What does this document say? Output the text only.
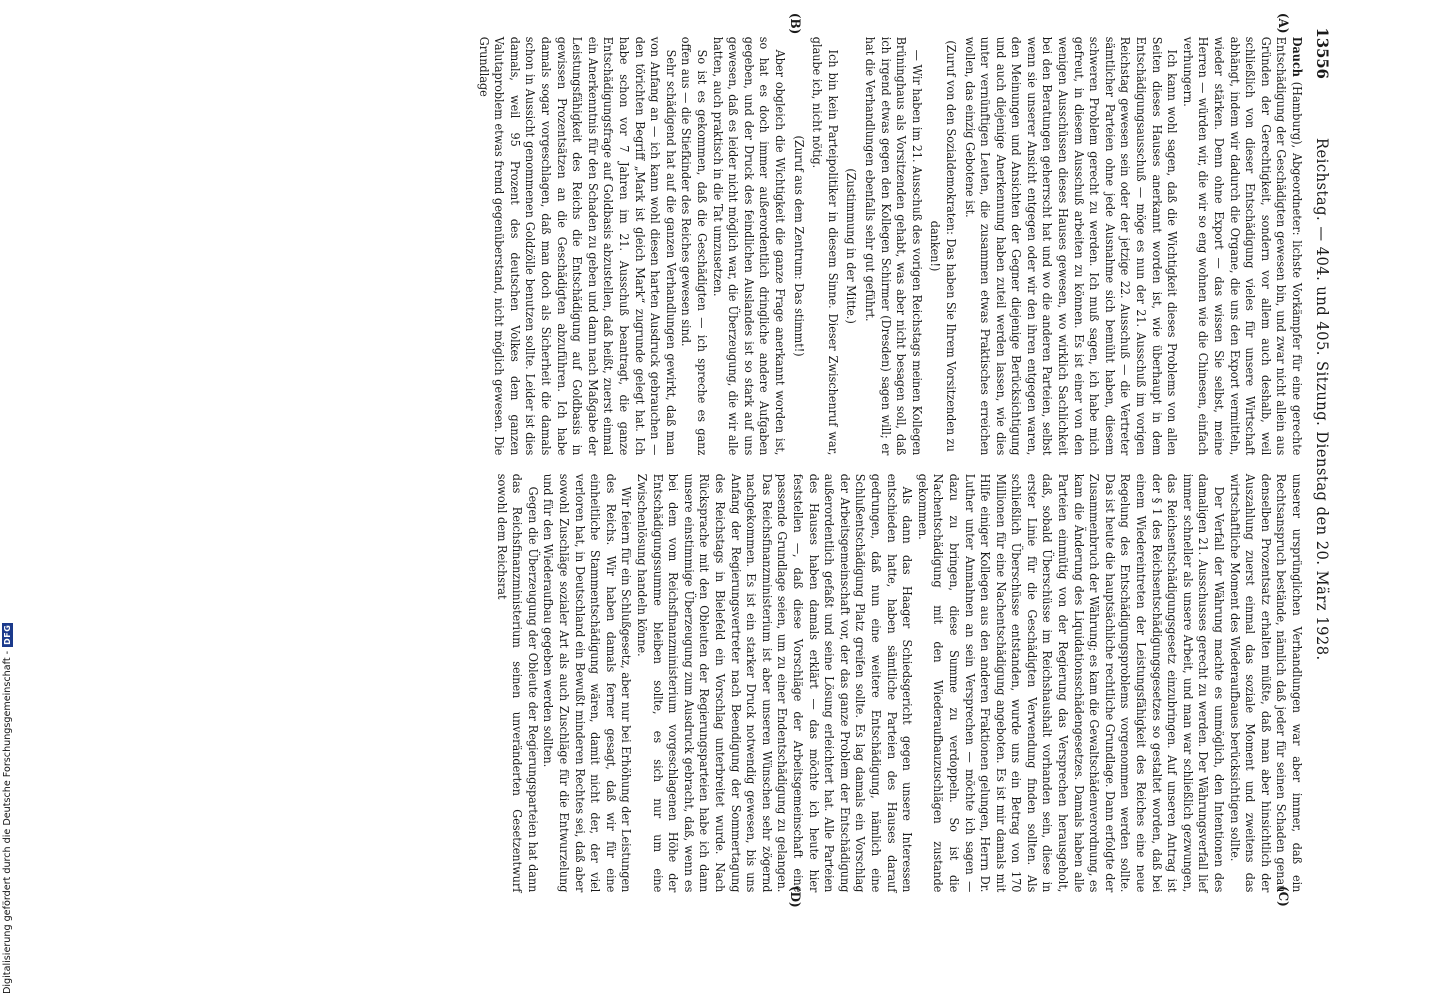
13556
Reichstag. — 404. und 405. Sitzung. Dienstag den 20. März 1928.
(A)
(B)
(C)
(D)

Dauch (Hamburg), Abgeordneter: lichste Vorkämpfer für eine gerechte Entschädigung der Geschädigten gewesen bin, und zwar nicht allein aus Gründen der Gerechtigkeit, sondern vor allem auch deshalb, weil schließlich von dieser Entschädigung vieles für unsere Wirtschaft abhängt, indem wir dadurch die Organe, die uns den Export vermitteln, wieder stärken. Denn ohne Export — das wissen Sie selbst, meine Herren — würden wir, die wir so eng wohnen wie die Chinesen, einfach verhungern.

Ich kann wohl sagen, daß die Wichtigkeit dieses Problems von allen Seiten dieses Hauses anerkannt worden ist, wie überhaupt in dem Entschädigungsausschuß — möge es nun der 21. Ausschuß im vorigen Reichstag gewesen sein oder der jetzige 22. Ausschuß — die Vertreter sämtlicher Parteien ohne jede Ausnahme sich bemüht haben, diesem schweren Problem gerecht zu werden. Ich muß sagen, ich habe mich gefreut, in diesem Ausschuß arbeiten zu können. Es ist einer von den wenigen Ausschüssen dieses Hauses gewesen, wo wirklich Sachlichkeit bei den Beratungen geherrscht hat und wo die anderen Parteien, selbst wenn sie unserer Ansicht entgegen oder wir den ihren entgegen waren, den Meinungen und Ansichten der Gegner diejenige Berücksichtigung und auch diejenige Anerkennung haben zuteil werden lassen, wie dies unter vernünftigen Leuten, die zusammen etwas Praktisches erreichen wollen, das einzig Gebotene ist.

(Zuruf von den Sozialdemokraten: Das haben Sie Ihrem Vorsitzenden zu danken!)

— Wir haben im 21. Ausschuß des vorigen Reichstags meinen Kollegen Brüninghaus als Vorsitzenden gehabt, was aber nicht besagen soll, daß ich irgend etwas gegen den Kollegen Schirmer (Dresden) sagen will; er hat die Verhandlungen ebenfalls sehr gut geführt.

(Zustimmung in der Mitte.)

Ich bin kein Parteipolitiker in diesem Sinne. Dieser Zwischenruf war, glaube ich, nicht nötig.

(Zuruf aus dem Zentrum: Das stimmt!)

Aber obgleich die Wichtigkeit die ganze Frage anerkannt worden ist, so hat es doch immer außerordentlich dringliche andere Aufgaben gegeben, und der Druck des feindlichen Auslandes ist so stark auf uns gewesen, daß es leider nicht möglich war, die Überzeugung, die wir alle hatten, auch praktisch in die Tat umzusetzen.

So ist es gekommen, daß die Geschädigten — ich spreche es ganz offen aus — die Stiefkinder des Reiches gewesen sind.

Sehr schädigend hat auf die ganzen Verhandlungen gewirkt, daß man von Anfang an — ich kann wohl diesen harten Ausdruck gebrauchen — den törichten Begriff „Mark ist gleich Mark“ zugrunde gelegt hat. Ich habe schon vor 7 Jahren im 21. Ausschuß beantragt, die ganze Entschädigungsfrage auf Goldbasis abzustellen, daß heißt, zuerst einmal ein Anerkenntnis für den Schaden zu geben und dann nach Maßgabe der Leistungsfähigkeit des Reichs die Entschädigung auf Goldbasis in gewissen Prozentsätzen an die Geschädigten abzuführen. Ich habe damals sogar vorgeschlagen, daß man doch als Sicherheit die damals schon in Aussicht genommenen Goldzölle benutzen sollte. Leider ist dies damals, weil 95 Prozent des deutschen Volkes dem ganzen Valutaproblem etwas fremd gegenüberstand, nicht möglich gewesen. Die Grundlage

unserer ursprünglichen Verhandlungen war aber immer, daß ein Rechtsanspruch bestände, nämlich daß jeder für seinen Schaden genau denselben Prozentsatz erhalten müßte, daß man aber hinsichtlich der Auszahlung zuerst einmal das soziale Moment und zweitens das wirtschaftliche Moment des Wiederaufbaues berücksichtigen sollte.

Der Verfall der Währung machte es unmöglich, den Intentionen des damaligen 21. Ausschusses gerecht zu werden. Der Währungsverfall lief immer schneller als unsere Arbeit, und man war schließlich gezwungen, das Reichsentschädigungsgesetz einzubringen. Auf unseren Antrag ist der § 1 des Reichsentschädigungsgesetzes so gestaltet worden, daß bei einem Wiedereintreten der Leistungsfähigkeit des Reiches eine neue Regelung des Entschädigungsproblems vorgenommen werden sollte. Das ist heute die hauptsächliche rechtliche Grundlage. Dann erfolgte der Zusammenbruch der Währung; es kam die Gewaltschädenverordnung, es kam die Änderung des Liquidationsschädengesetzes. Damals haben alle Parteien einmütig von der Regierung das Versprechen herausgeholt, daß, sobald Überschüsse im Reichshaushalt vorhanden sein, diese in erster Linie für die Geschädigten Verwendung finden sollten. Als schließlich Überschüsse entstanden, wurde uns ein Betrag von 170 Millionen für eine Nachentschädigung angeboten. Es ist mir damals mit Hilfe einiger Kollegen aus den anderen Fraktionen gelungen, Herrn Dr. Luther unter Anmahnen an sein Versprechen — möchte ich sagen — dazu zu bringen, diese Summe zu verdoppeln. So ist die Nachentschädigung mit den Wiederaufbauzuschlägen zustande gekommen.

Als dann das Haager Schiedsgericht gegen unsere Interessen entschieden hatte, haben sämtliche Parteien des Hauses darauf gedrungen, daß nun eine weitere Entschädigung, nämlich eine Schlußentschädigung Platz greifen sollte. Es lag damals ein Vorschlag der Arbeitsgemeinschaft vor, der das ganze Problem der Entschädigung außerordentlich gefaßt und seine Lösung erleichtert hat. Alle Parteien des Hauses haben damals erklärt — das möchte ich heute hier feststellen —, daß diese Vorschläge der Arbeitsgemeinschaft eine passende Grundlage seien, um zu einer Endentschädigung zu gelangen. Das Reichsfinanzministerium ist aber unseren Wünschen sehr zögernd nachgekommen. Es ist ein starker Druck notwendig gewesen, bis uns Anfang der Regierungsvertreter nach Beendigung der Sommertagung des Reichstags in Bielefeld ein Vorschlag unterbreitet wurde. Nach Rücksprache mit den Obleuten der Regierungsparteien habe ich dann unsere einstimmige Überzeugung zum Ausdruck gebracht, daß, wenn es bei dem vom Reichsfinanzministerium vorgeschlagenen Höhe der Entschädigungssumme bleiben sollte, es sich nur um eine Zwischenlösung handeln könne.

Wir feiern für ein Schlußgesetz, aber nur bei Erhöhung der Leistungen des Reichs. Wir haben damals ferner gesagt, daß wir für eine einheitliche Stammentschädigung wären, damit nicht der, der viel verloren hat, in Deutschland ein Bewußt minderen Rechtes sei, daß aber sowohl Zuschläge sozialer Art als auch Zuschläge für die Entwurzelung und für den Wiederaufbau gegeben werden sollten.

Gegen die Überzeugung der Obleute der Regierungsparteien hat dann das Reichsfinanzministerium seinen unveränderten Gesetzentwurf sowohl dem Reichsrat

Digitalisierung gefördert durch die Deutsche Forschungsgemeinschaft -
DFG
